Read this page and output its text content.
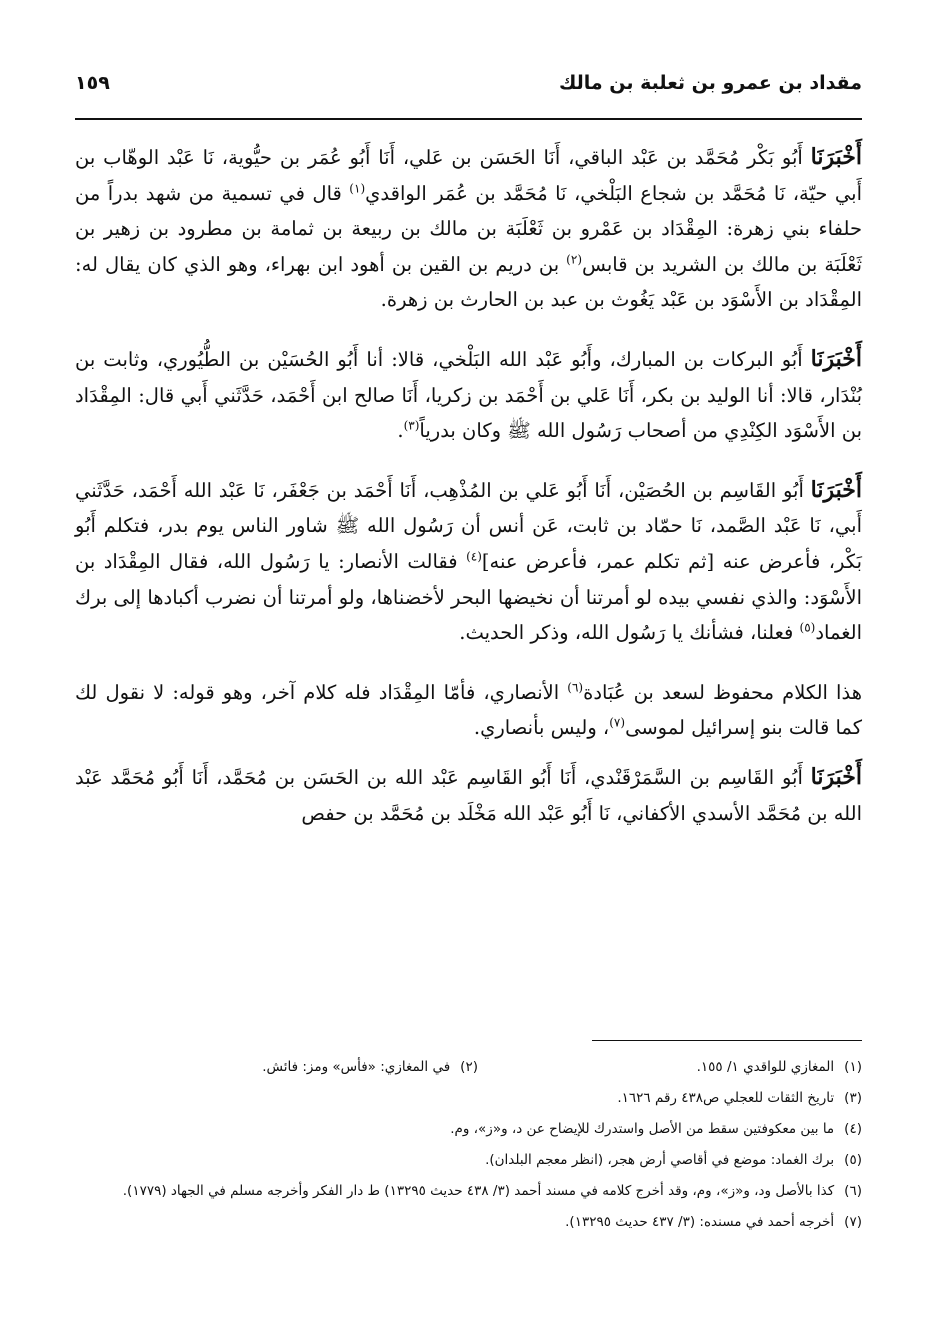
١٥٩	مقداد بن عمرو بن ثعلبة بن مالك

أَخْبَرَنَا أَبُو بَكْر مُحَمَّد بن عَبْد الباقي، أَنَا الحَسَن بن عَلي، أَنَا أَبُو عُمَر بن حيُّوية، نَا عَبْد الوهّاب بن أَبي حيّة، نَا مُحَمَّد بن شجاع البَلْخي، نَا مُحَمَّد بن عُمَر الواقدي$^{(١)}$ قال في تسمية من شهد بدراً من حلفاء بني زهرة: المِقْدَاد بن عَمْرو بن ثَعْلَبَة بن مالك بن ربيعة بن ثمامة بن مطرود بن زهير بن ثَعْلَبَة بن مالك بن الشريد بن قابس$^{(٢)}$ بن دريم بن القين بن أهود ابن بهراء، وهو الذي كان يقال له: المِقْدَاد بن الأَسْوَد بن عَبْد يَغُوث بن عبد بن الحارث بن زهرة.

أَخْبَرَنَا أَبُو البركات بن المبارك، وأَبُو عَبْد الله البَلْخي، قالا: أنا أَبُو الحُسَيْن بن الطُّيُوري، وثابت بن بُنْدَار، قالا: أنا الوليد بن بكر، أَنَا عَلي بن أَحْمَد بن زكريا، أَنَا صالح ابن أَحْمَد، حَدَّثَني أَبي قال: المِقْدَاد بن الأَسْوَد الكِنْدِي من أصحاب رَسُول الله ﷺ وكان بدرياً$^{(٣)}$.

أَخْبَرَنَا أَبُو القَاسِم بن الحُصَيْن، أَنَا أَبُو عَلي بن المُذْهِب، أَنَا أَحْمَد بن جَعْفَر، نَا عَبْد الله أَحْمَد، حَدَّثَني أَبي، نَا عَبْد الصَّمد، نَا حمّاد بن ثابت، عَن أنس أن رَسُول الله ﷺ شاور الناس يوم بدر، فتكلم أَبُو بَكْر، فأعرض عنه [ثم تكلم عمر، فأعرض عنه]$^{(٤)}$ فقالت الأنصار: يا رَسُول الله، فقال المِقْدَاد بن الأَسْوَد: والذي نفسي بيده لو أمرتنا أن نخيضها البحر لأخضناها، ولو أمرتنا أن نضرب أكبادها إلى برك الغماد$^{(٥)}$ فعلنا، فشأنك يا رَسُول الله، وذكر الحديث.

هذا الكلام محفوظ لسعد بن عُبَادة$^{(٦)}$ الأنصاري، فأمّا المِقْدَاد فله كلام آخر، وهو قوله: لا نقول لك كما قالت بنو إسرائيل لموسى$^{(٧)}$، وليس بأنصاري.

أَخْبَرَنَا أَبُو القَاسِم بن السَّمَرْقَنْدي، أَنَا أَبُو القَاسِم عَبْد الله بن الحَسَن بن مُحَمَّد، أَنَا أَبُو مُحَمَّد عَبْد الله بن مُحَمَّد الأسدي الأكفاني، نَا أَبُو عَبْد الله مَخْلَد بن مُحَمَّد بن حفص

(١)
المغازي للواقدي ١/ ١٥٥.
(٢)
في المغازي: «فأس» ومز: فائش.
(٣)
تاريخ الثقات للعجلي ص٤٣٨ رقم ١٦٢٦.
(٤)
ما بين معكوفتين سقط من الأصل واستدرك للإيضاح عن د، و«ز»، وم.
(٥)
برك الغماد: موضع في أقاصي أرض هجر، (انظر معجم البلدان).
(٦)
كذا بالأصل ود، و«ز»، وم، وقد أخرج كلامه في مسند أحمد (٣/ ٤٣٨ حديث ١٣٢٩٥) ط دار الفكر وأخرجه مسلم في الجهاد (١٧٧٩).
(٧)
أخرجه أحمد في مسنده: (٣/ ٤٣٧ حديث ١٣٢٩٥).
